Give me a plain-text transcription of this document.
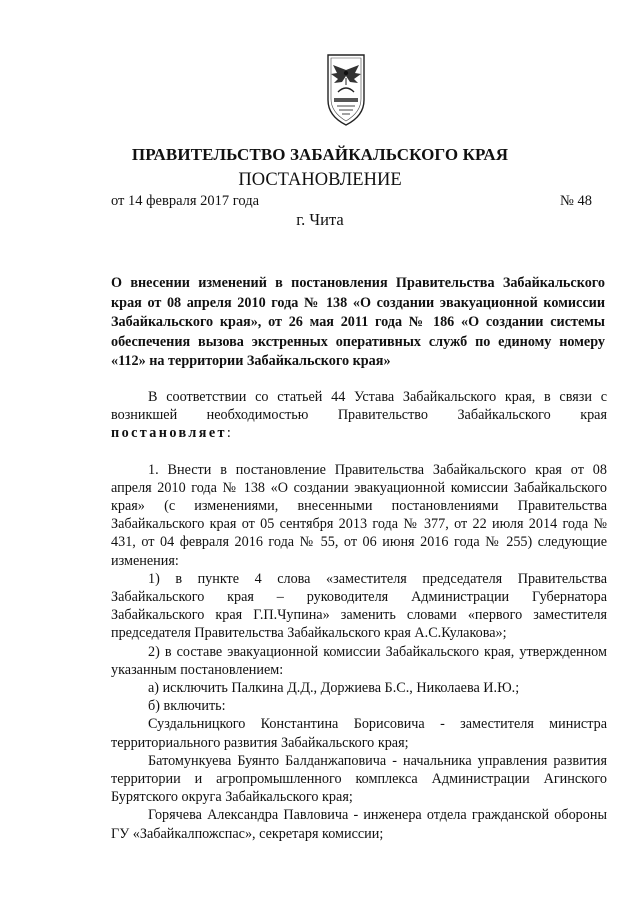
ПРАВИТЕЛЬСТВО ЗАБАЙКАЛЬСКОГО КРАЯ
ПОСТАНОВЛЕНИЕ
от 14 февраля 2017 года	№ 48
г. Чита
О внесении изменений в постановления Правительства Забайкальского края от 08 апреля 2010 года № 138 «О создании эвакуационной комиссии Забайкальского края», от 26 мая 2011 года № 186 «О создании системы обеспечения вызова экстренных оперативных служб по единому номеру «112» на территории Забайкальского края»

В соответствии со статьей 44 Устава Забайкальского края, в связи с возникшей необходимостью Правительство Забайкальского края постановляет:

1. Внести в постановление Правительства Забайкальского края от 08 апреля 2010 года № 138 «О создании эвакуационной комиссии Забайкальского края» (с изменениями, внесенными постановлениями Правительства Забайкальского края от 05 сентября 2013 года № 377, от 22 июля 2014 года № 431, от 04 февраля 2016 года № 55, от 06 июня 2016 года № 255) следующие изменения:

1) в пункте 4 слова «заместителя председателя Правительства Забайкальского края – руководителя Администрации Губернатора Забайкальского края Г.П.Чупина» заменить словами «первого заместителя председателя Правительства Забайкальского края А.С.Кулакова»;

2) в составе эвакуационной комиссии Забайкальского края, утвержденном указанным постановлением:

а) исключить Палкина Д.Д., Доржиева Б.С., Николаева И.Ю.;

б) включить:

Суздальницкого Константина Борисовича - заместителя министра территориального развития Забайкальского края;

Батомункуева Буянто Балданжаповича - начальника управления развития территории и агропромышленного комплекса Администрации Агинского Бурятского округа Забайкальского края;

Горячева Александра Павловича - инженера отдела гражданской обороны ГУ «Забайкалпожспас», секретаря комиссии;
